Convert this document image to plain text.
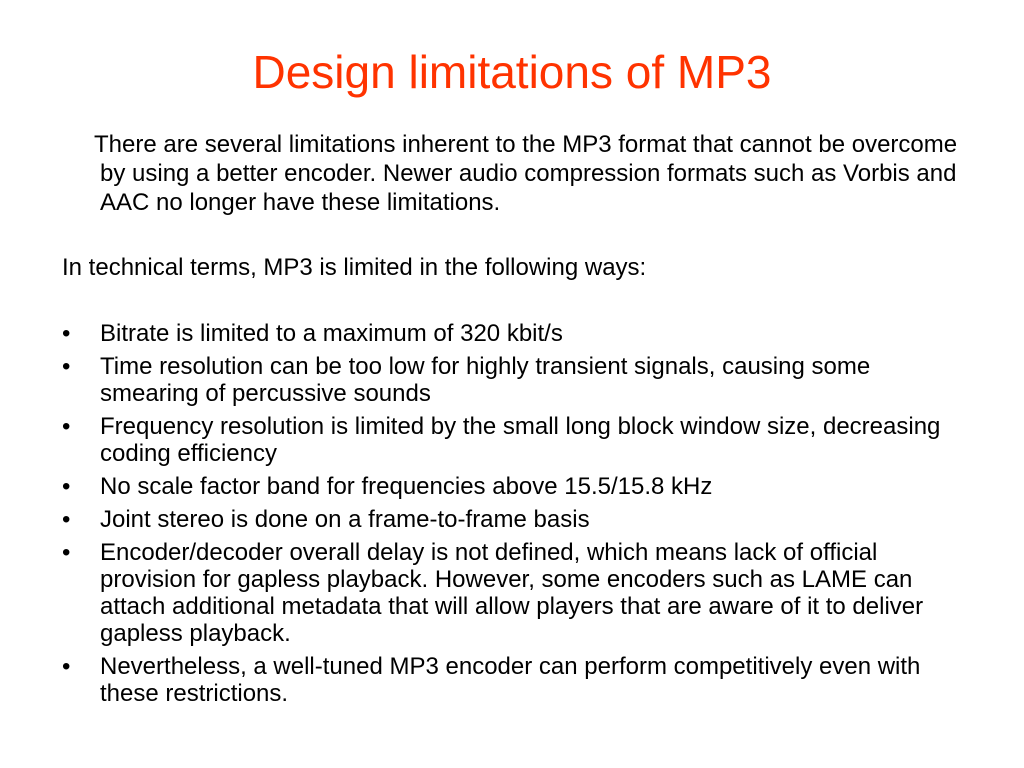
Design limitations of MP3

There are several limitations inherent to the MP3 format that cannot be overcome by using a better encoder. Newer audio compression formats such as Vorbis and AAC no longer have these limitations.

In technical terms, MP3 is limited in the following ways:

•	Bitrate is limited to a maximum of 320 kbit/s
•	Time resolution can be too low for highly transient signals, causing some smearing of percussive sounds
•	Frequency resolution is limited by the small long block window size, decreasing coding efficiency
•	No scale factor band for frequencies above 15.5/15.8 kHz
•	Joint stereo is done on a frame-to-frame basis
•	Encoder/decoder overall delay is not defined, which means lack of official provision for gapless playback. However, some encoders such as LAME can attach additional metadata that will allow players that are aware of it to deliver gapless playback.
•	Nevertheless, a well-tuned MP3 encoder can perform competitively even with these restrictions.
